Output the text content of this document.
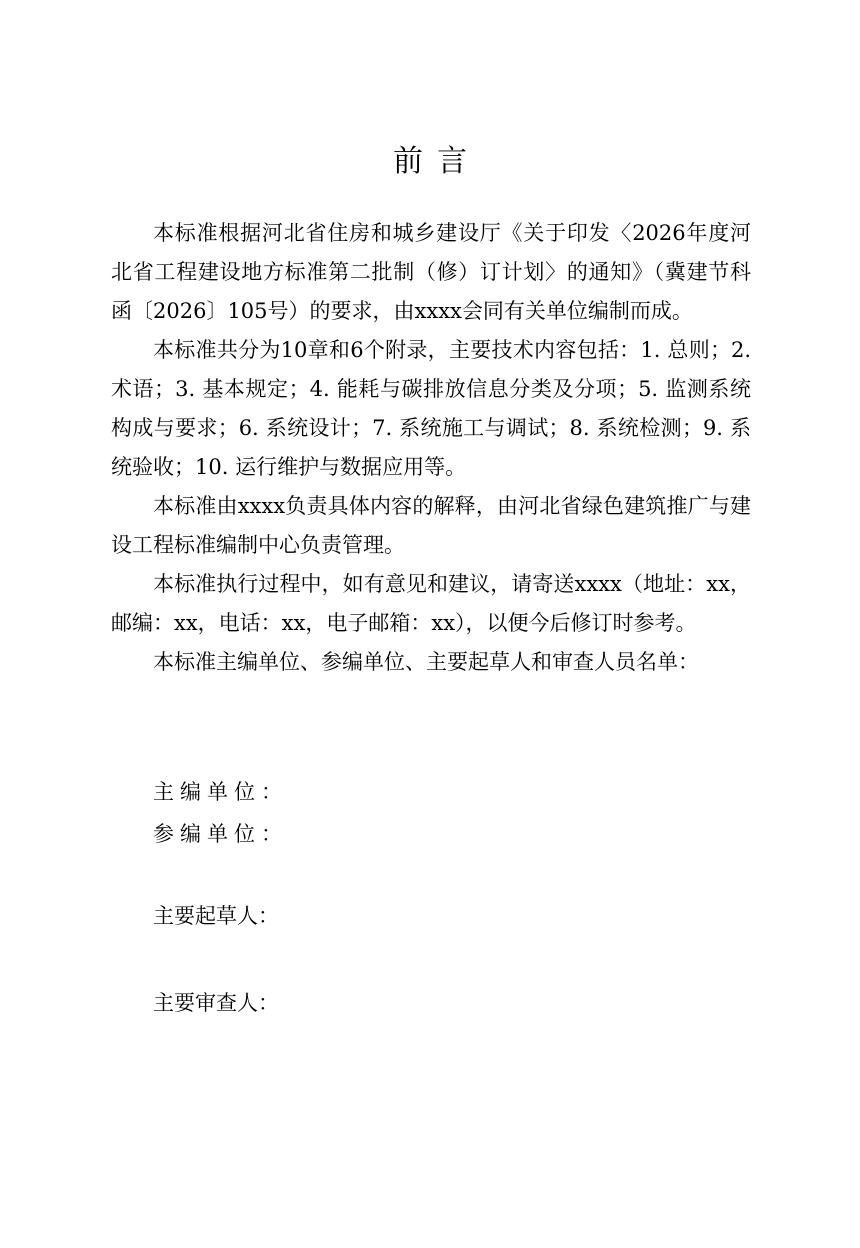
前言

本标准根据河北省住房和城乡建设厅《关于印发〈2026年度河北省工程建设地方标准第二批制（修）订计划〉的通知》（冀建节科函〔2026〕105号）的要求，由xxxx会同有关单位编制而成。

本标准共分为10章和6个附录，主要技术内容包括：1. 总则；2. 术语；3. 基本规定；4. 能耗与碳排放信息分类及分项；5. 监测系统构成与要求；6. 系统设计；7. 系统施工与调试；8. 系统检测；9. 系统验收；10. 运行维护与数据应用等。

本标准由xxxx负责具体内容的解释，由河北省绿色建筑推广与建设工程标准编制中心负责管理。

本标准执行过程中，如有意见和建议，请寄送xxxx（地址：xx，邮编：xx，电话：xx，电子邮箱：xx），以便今后修订时参考。

本标准主编单位、参编单位、主要起草人和审查人员名单：

主编单位：
参编单位：
主要起草人：
主要审查人：
